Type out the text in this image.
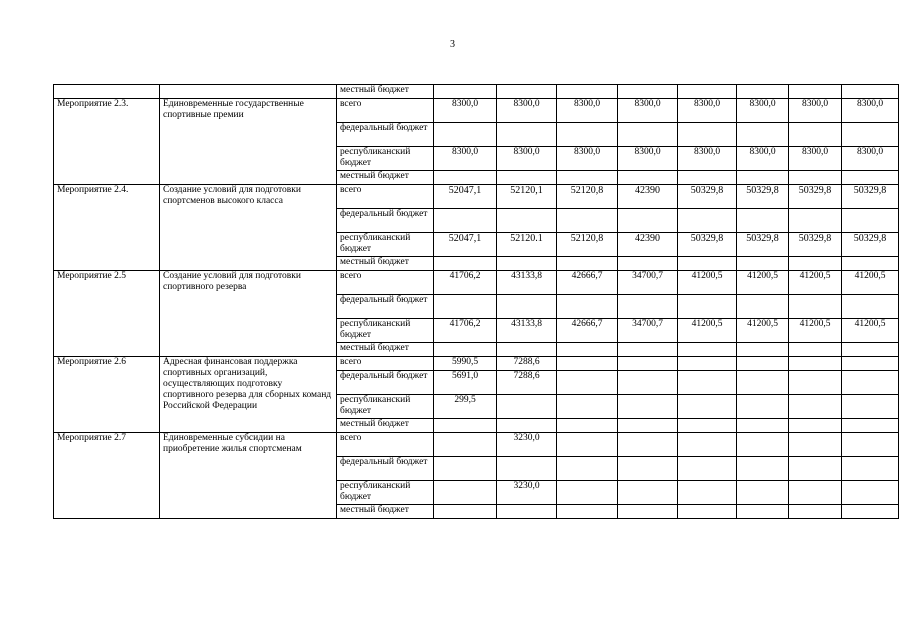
3
		местный бюджет								
Мероприятие 2.3.	Единовременные государственные спортивные премии	всего	8300,0	8300,0	8300,0	8300,0	8300,0	8300,0	8300,0	8300,0
		федеральный бюджет								
		республиканский бюджет	8300,0	8300,0	8300,0	8300,0	8300,0	8300,0	8300,0	8300,0
		местный бюджет								
Мероприятие 2.4.	Создание условий для подготовки спортсменов высокого класса	всего	52047,1	52120,1	52120,8	42390	50329,8	50329,8	50329,8	50329,8
		федеральный бюджет								
		республиканский бюджет	52047,1	52120.1	52120,8	42390	50329,8	50329,8	50329,8	50329,8
		местный бюджет								
Мероприятие 2.5	Создание условий для подготовки спортивного резерва	всего	41706,2	43133,8	42666,7	34700,7	41200,5	41200,5	41200,5	41200,5
		федеральный бюджет								
		республиканский бюджет	41706,2	43133,8	42666,7	34700,7	41200,5	41200,5	41200,5	41200,5
		местный бюджет								
Мероприятие 2.6	Адресная финансовая поддержка спортивных организаций, осуществляющих подготовку спортивного резерва для сборных команд Российской Федерации	всего	5990,5	7288,6						
		федеральный бюджет	5691,0	7288,6						
		республиканский бюджет	299,5							
		местный бюджет								
Мероприятие 2.7	Единовременные субсидии на приобретение жилья спортсменам	всего		3230,0						
		федеральный бюджет								
		республиканский бюджет		3230,0						
		местный бюджет								
